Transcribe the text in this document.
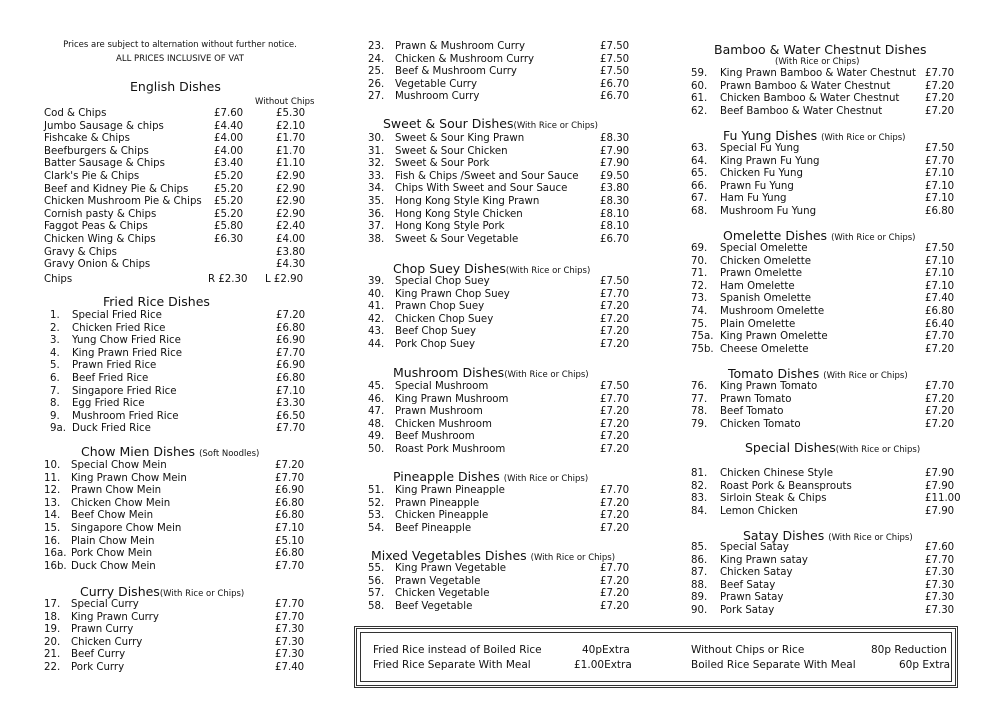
Prices are subject to alternation without further notice.
ALL PRICES INCLUSIVE OF VAT
English Dishes
Without Chips
Cod & Chips	£7.60	£5.30
Jumbo Sausage & chips	£4.40	£2.10
Fishcake & Chips	£4.00	£1.70
Beefburgers & Chips	£4.00	£1.70
Batter Sausage & Chips	£3.40	£1.10
Clark's Pie & Chips	£5.20	£2.90
Beef and Kidney Pie & Chips	£5.20	£2.90
Chicken Mushroom Pie & Chips £5.20	£2.90
Cornish pasty & Chips	£5.20	£2.90
Faggot Peas & Chips	£5.80	£2.40
Chicken Wing & Chips	£6.30	£4.00
Gravy & Chips	£3.80
Gravy Onion & Chips	£4.30
Chips	R £2.30 L £2.90
Fried Rice Dishes
Chow Mien Dishes (Soft Noodles)
Curry Dishes(With Rice or Chips)
Sweet & Sour Dishes(With Rice or Chips)
Chop Suey Dishes(With Rice or Chips)
Mushroom Dishes(With Rice or Chips)
Pineapple Dishes (With Rice or Chips)
Mixed Vegetables Dishes (With Rice or Chips)
Bamboo & Water Chestnut Dishes
(With Rice or Chips)
Fu Yung Dishes (With Rice or Chips)
Omelette Dishes (With Rice or Chips)
Tomato Dishes (With Rice or Chips)
Special Dishes(With Rice or Chips)
Satay Dishes (With Rice or Chips)
1. Special Fried Rice	£7.20
2. Chicken Fried Rice	£6.80
3. Yung Chow Fried Rice	£6.90
4. King Prawn Fried Rice	£7.70
5. Prawn Fried Rice	£6.90
6. Beef Fried Rice	£6.80
7. Singapore Fried Rice	£7.10
8. Egg Fried Rice	£3.30
9. Mushroom Fried Rice	£6.50
9a. Duck Fried Rice	£7.70
10. Special Chow Mein	£7.20
11. King Prawn Chow Mein	£7.70
12. Prawn Chow Mein	£6.90
13. Chicken Chow Mein	£6.80
14. Beef Chow Mein	£6.80
15. Singapore Chow Mein	£7.10
16. Plain Chow Mein	£5.10
16a. Pork Chow Mein	£6.80
16b. Duck Chow Mein	£7.70
17. Special Curry	£7.70
18. King Prawn Curry	£7.70
19. Prawn Curry	£7.30
20. Chicken Curry	£7.30
21. Beef Curry	£7.30
22. Pork Curry	£7.40
23. Prawn & Mushroom Curry	£7.50
24. Chicken & Mushroom Curry	£7.50
25. Beef & Mushroom Curry	£7.50
26. Vegetable Curry	£6.70
27. Mushroom Curry	£6.70
30. Sweet & Sour King Prawn	£8.30
31. Sweet & Sour Chicken	£7.90
32. Sweet & Sour Pork	£7.90
33. Fish & Chips /Sweet and Sour Sauce £9.50
34. Chips With Sweet and Sour Sauce	£3.80
35. Hong Kong Style King Prawn	£8.30
36. Hong Kong Style Chicken	£8.10
37. Hong Kong Style Pork	£8.10
38. Sweet & Sour Vegetable	£6.70
39. Special Chop Suey	£7.50
40. King Prawn Chop Suey	£7.70
41. Prawn Chop Suey	£7.20
42. Chicken Chop Suey	£7.20
43. Beef Chop Suey	£7.20
44. Pork Chop Suey	£7.20
45. Special Mushroom	£7.50
46. King Prawn Mushroom	£7.70
47. Prawn Mushroom	£7.20
48. Chicken Mushroom	£7.20
49. Beef Mushroom	£7.20
50. Roast Pork Mushroom	£7.20
51. King Prawn Pineapple	£7.70
52. Prawn Pineapple	£7.20
53. Chicken Pineapple	£7.20
54. Beef Pineapple	£7.20
55. King Prawn Vegetable	£7.70
56. Prawn Vegetable	£7.20
57. Chicken Vegetable	£7.20
58. Beef Vegetable	£7.20
59. King Prawn Bamboo & Water Chestnut £7.70
60. Prawn Bamboo & Water Chestnut	£7.20
61. Chicken Bamboo & Water Chestnut	£7.20
62. Beef Bamboo & Water Chestnut	£7.20
63. Special Fu Yung	£7.50
64. King Prawn Fu Yung	£7.70
65. Chicken Fu Yung	£7.10
66. Prawn Fu Yung	£7.10
67. Ham Fu Yung	£7.10
68. Mushroom Fu Yung	£6.80
69. Special Omelette	£7.50
70. Chicken Omelette	£7.10
71. Prawn Omelette	£7.10
72. Ham Omelette	£7.10
73. Spanish Omelette	£7.40
74. Mushroom Omelette	£6.80
75. Plain Omelette	£6.40
75a. King Prawn Omelette	£7.70
75b. Cheese Omelette	£7.20
76. King Prawn Tomato	£7.70
77. Prawn Tomato	£7.20
78. Beef Tomato	£7.20
79. Chicken Tomato	£7.20
81. Chicken Chinese Style	£7.90
82. Roast Pork & Beansprouts	£7.90
83. Sirloin Steak & Chips	£11.00
84. Lemon Chicken	£7.90
85. Special Satay	£7.60
86. King Prawn satay	£7.70
87. Chicken Satay	£7.30
88. Beef Satay	£7.30
89. Prawn Satay	£7.30
90. Pork Satay	£7.30
Fried Rice instead of Boiled Rice	40pExtra
Fried Rice Separate With Meal	£1.00Extra
Without Chips or Rice	80p Reduction
Boiled Rice Separate With Meal	60p Extra
